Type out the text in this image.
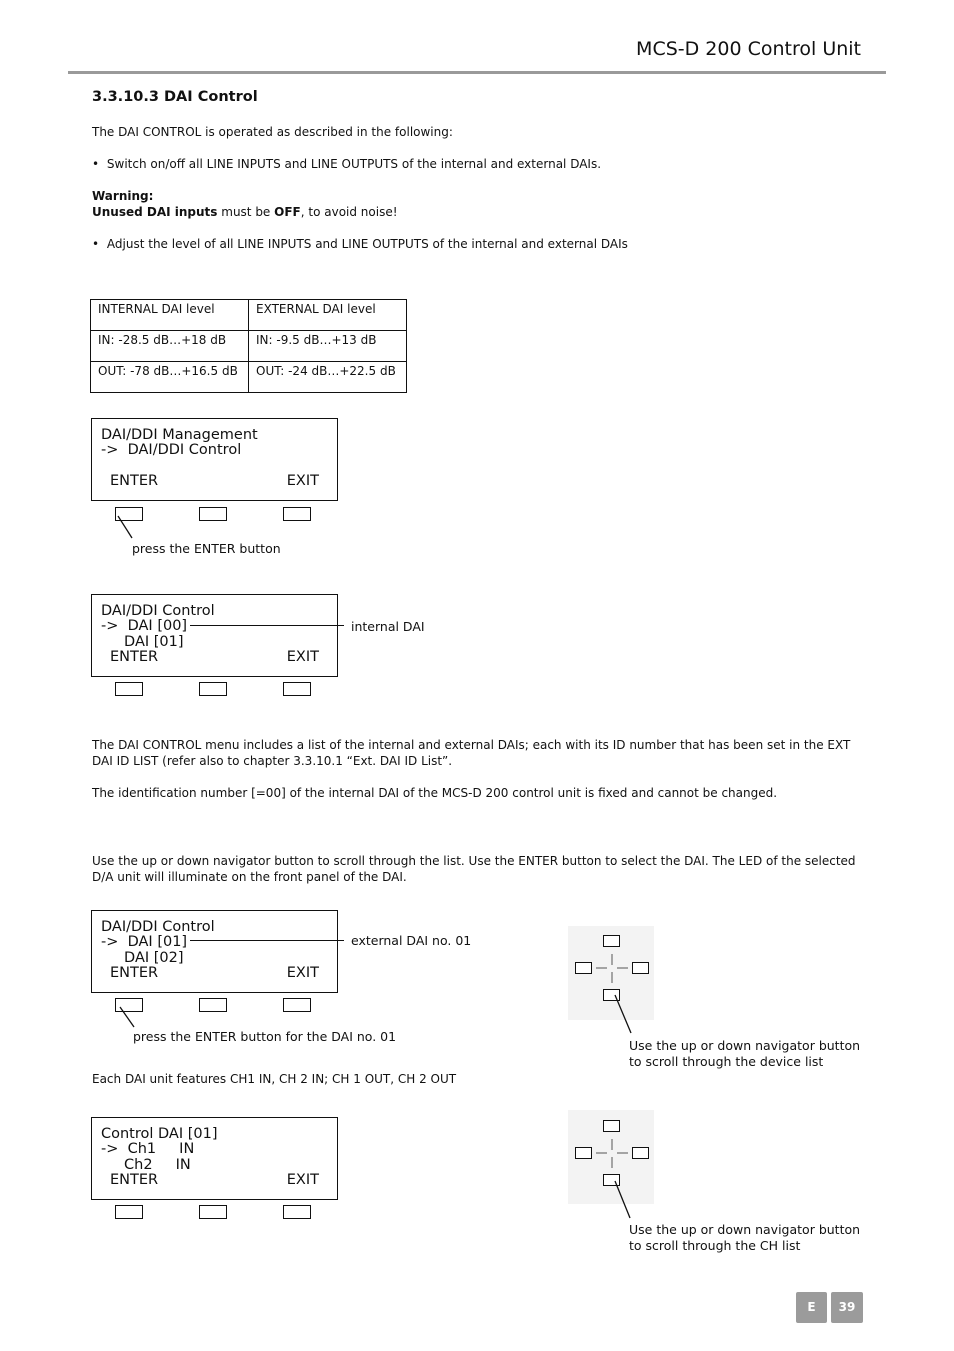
MCS-D 200 Control Unit
3.3.10.3 DAI Control
The DAI CONTROL is operated as described in the following:
• Switch on/off all LINE INPUTS and LINE OUTPUTS of the internal and external DAIs.
Warning:
Unused DAI inputs must be OFF, to avoid noise!
• Adjust the level of all LINE INPUTS and LINE OUTPUTS of the internal and external DAIs
INTERNAL DAI level	EXTERNAL DAI level
IN: -28.5 dB…+18 dB	IN: -9.5 dB…+13 dB
OUT: -78 dB…+16.5 dB	OUT: -24 dB…+22.5 dB
DAI/DDI Management
->  DAI/DDI Control
ENTER	EXIT
press the ENTER button
DAI/DDI Control
->  DAI [00]
DAI [01]
ENTER	EXIT
internal DAI
The DAI CONTROL menu includes a list of the internal and external DAIs; each with its ID number that has been set in the EXT DAI ID LIST (refer also to chapter 3.3.10.1 “Ext. DAI ID List”.
The identification number [=00] of the internal DAI of the MCS-D 200 control unit is fixed and cannot be changed.
Use the up or down navigator button to scroll through the list. Use the ENTER button to select the DAI. The LED of the selected D/A unit will illuminate on the front panel of the DAI.
DAI/DDI Control
->  DAI [01]
DAI [02]
ENTER	EXIT
external DAI no. 01
press the ENTER button for the DAI no. 01
Use the up or down navigator button
to scroll through the device list
Each DAI unit features CH1 IN, CH 2 IN; CH 1 OUT, CH 2 OUT
Control DAI [01]
->  Ch1     IN
Ch2     IN
ENTER	EXIT
Use the up or down navigator button
to scroll through the CH list
E	39
